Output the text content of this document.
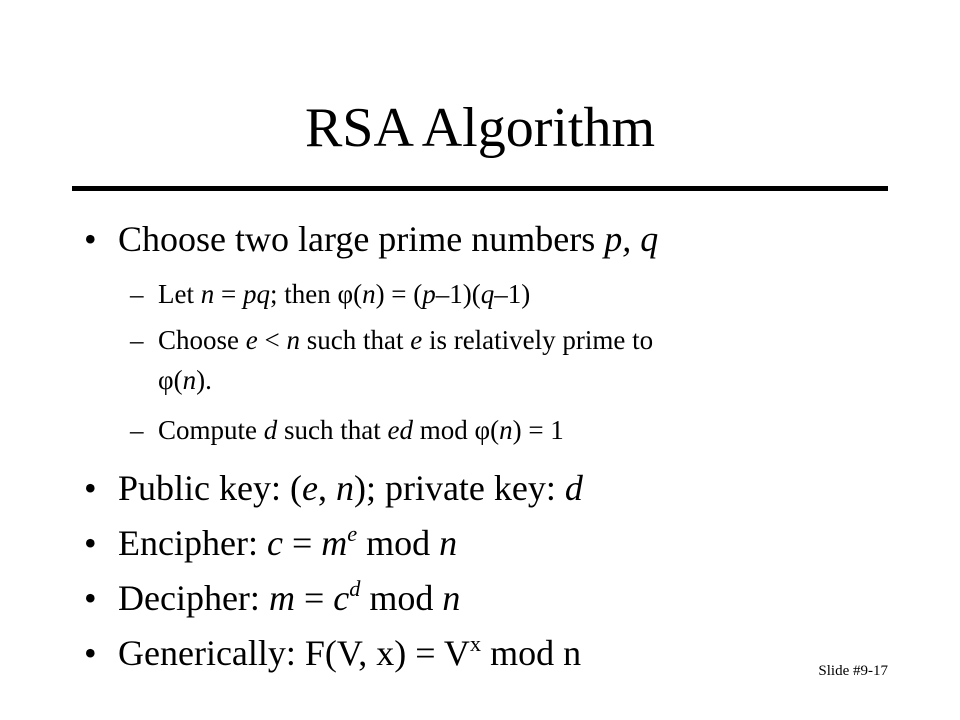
RSA Algorithm
• Choose two large prime numbers p, q
– Let n = pq; then φ(n) = (p–1)(q–1)
– Choose e < n such that e is relatively prime to
φ(n).
– Compute d such that ed mod φ(n) = 1
• Public key: (e, n); private key: d
• Encipher: $c = m^e$ mod n
• Decipher: $m = c^d$ mod n
• Generically: F(V, $x) = V^x$ mod n	Slide #9-17
